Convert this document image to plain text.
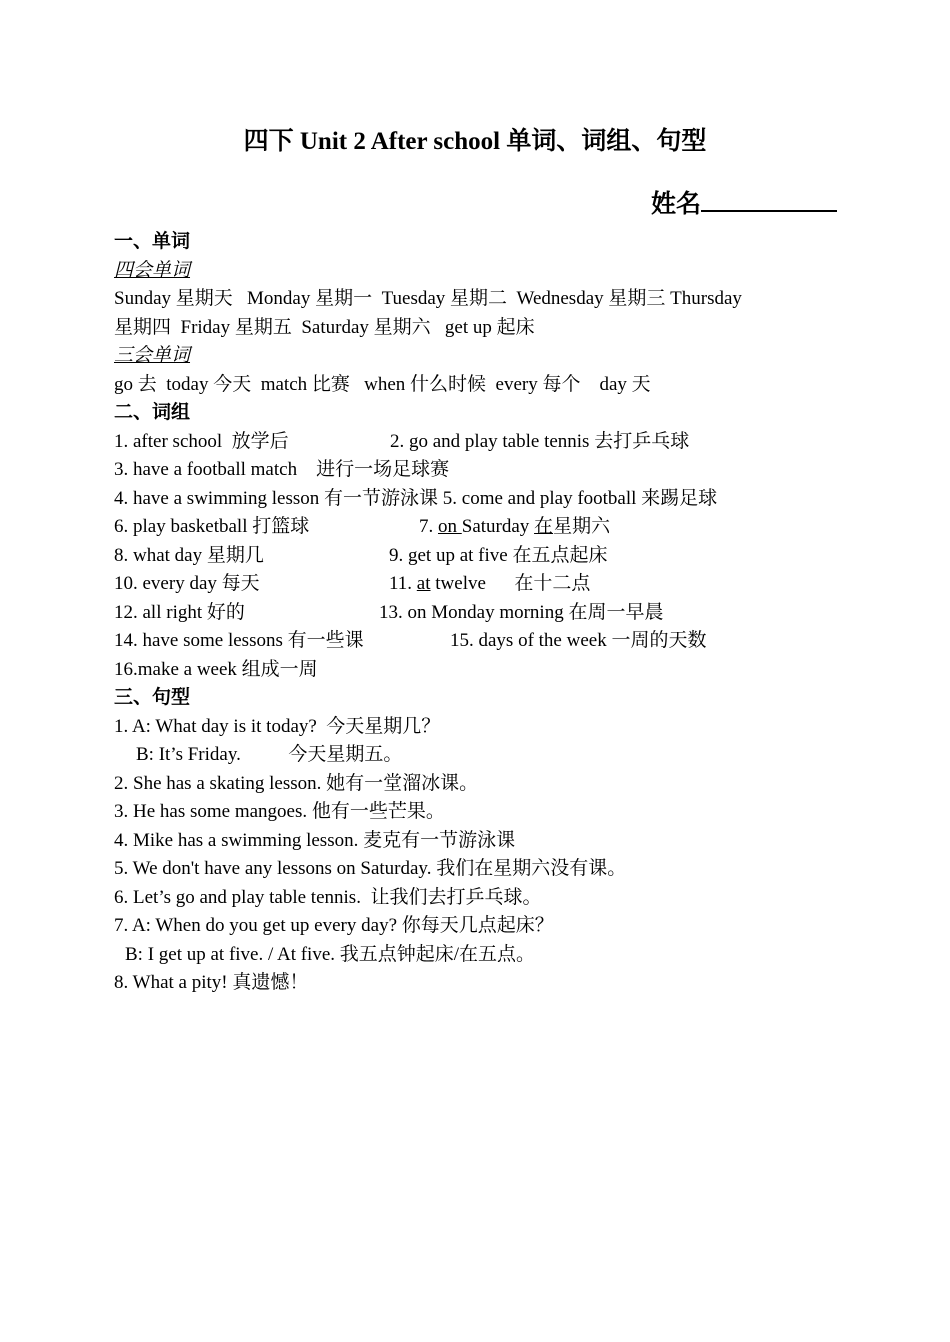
四下 Unit 2 After school 单词、词组、句型
姓名
一、单词
四会单词
Sunday 星期天   Monday 星期一  Tuesday 星期二  Wednesday 星期三 Thursday
星期四  Friday 星期五  Saturday 星期六   get up 起床
三会单词
go 去  today 今天  match 比赛   when 什么时候  every 每个    day 天
二、词组

1. after school  放学后

	2. go and play table tennis 去打乒乓球

3. have a football match    进行一场足球赛
4. have a swimming lesson 有一节游泳课 5. come and play football 来踢足球

6. play basketball 打篮球

	7. on Saturday 在星期六

8. what day 星期几

	9. get up at five 在五点起床

10. every day 每天

	11. at twelve      在十二点

12. all right 好的

	13. on Monday morning 在周一早晨

14. have some lessons 有一些课

	15. days of the week 一周的天数

16.make a week 组成一周
三、句型
1. A: What day is it today?  今天星期几？
B: It’s Friday.          今天星期五。
2. She has a skating lesson. 她有一堂溜冰课。
3. He has some mangoes. 他有一些芒果。
4. Mike has a swimming lesson. 麦克有一节游泳课
5. We don't have any lessons on Saturday. 我们在星期六没有课。
6. Let’s go and play table tennis.  让我们去打乒乓球。
7. A: When do you get up every day? 你每天几点起床？
B: I get up at five. / At five. 我五点钟起床/在五点。
8. What a pity! 真遗憾！
